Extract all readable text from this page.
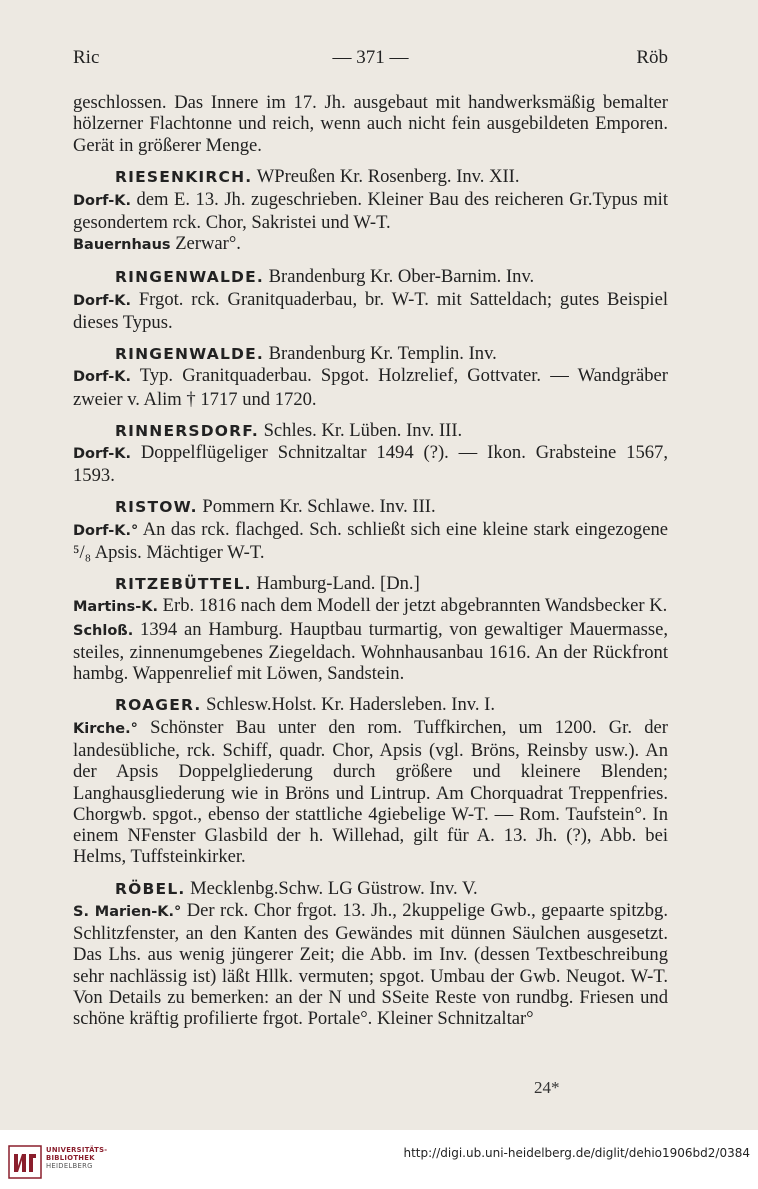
Ric	— 371 —	Röb

geschlossen. Das Innere im 17. Jh. ausgebaut mit handwerksmäßig bemalter hölzerner Flachtonne und reich, wenn auch nicht fein ausgebildeten Emporen. Gerät in größerer Menge.

RIESENKIRCH. WPreußen Kr. Rosenberg. Inv. XII.

Dorf-K. dem E. 13. Jh. zugeschrieben. Kleiner Bau des reicheren Gr.Typus mit gesondertem rck. Chor, Sakristei und W-T.

Bauernhaus Zerwar°.

RINGENWALDE. Brandenburg Kr. Ober-Barnim. Inv.

Dorf-K. Frgot. rck. Granitquaderbau, br. W-T. mit Satteldach; gutes Beispiel dieses Typus.

RINGENWALDE. Brandenburg Kr. Templin. Inv.

Dorf-K. Typ. Granitquaderbau. Spgot. Holzrelief, Gottvater. — Wandgräber zweier v. Alim † 1717 und 1720.

RINNERSDORF. Schles. Kr. Lüben. Inv. III.

Dorf-K. Doppelflügeliger Schnitzaltar 1494 (?). — Ikon. Grabsteine 1567, 1593.

RISTOW. Pommern Kr. Schlawe. Inv. III.

Dorf-K.° An das rck. flachged. Sch. schließt sich eine kleine stark eingezogene ⁵/₈ Apsis. Mächtiger W-T.

RITZEBÜTTEL. Hamburg-Land. [Dn.]

Martins-K. Erb. 1816 nach dem Modell der jetzt abgebrannten Wandsbecker K.

Schloß. 1394 an Hamburg. Hauptbau turmartig, von gewaltiger Mauermasse, steiles, zinnenumgebenes Ziegeldach. Wohnhausanbau 1616. An der Rückfront hambg. Wappenrelief mit Löwen, Sandstein.

ROAGER. Schlesw.Holst. Kr. Hadersleben. Inv. I.

Kirche.° Schönster Bau unter den rom. Tuffkirchen, um 1200. Gr. der landesübliche, rck. Schiff, quadr. Chor, Apsis (vgl. Bröns, Reinsby usw.). An der Apsis Doppelgliederung durch größere und kleinere Blenden; Langhausgliederung wie in Bröns und Lintrup. Am Chorquadrat Treppenfries. Chorgwb. spgot., ebenso der stattliche 4giebelige W-T. — Rom. Taufstein°. In einem NFenster Glasbild der h. Willehad, gilt für A. 13. Jh. (?), Abb. bei Helms, Tuffsteinkirker.

RÖBEL. Mecklenbg.Schw. LG Güstrow. Inv. V.

S. Marien-K.° Der rck. Chor frgot. 13. Jh., 2kuppelige Gwb., gepaarte spitzbg. Schlitzfenster, an den Kanten des Gewändes mit dünnen Säulchen ausgesetzt. Das Lhs. aus wenig jüngerer Zeit; die Abb. im Inv. (dessen Textbeschreibung sehr nachlässig ist) läßt Hllk. vermuten; spgot. Umbau der Gwb. Neugot. W-T. Von Details zu bemerken: an der N und SSeite Reste von rundbg. Friesen und schöne kräftig profilierte frgot. Portale°. Kleiner Schnitzaltar°

24*
UNIVERSITÄTS-
BIBLIOTHEK
HEIDELBERG
http://digi.ub.uni-heidelberg.de/diglit/dehio1906bd2/0384
